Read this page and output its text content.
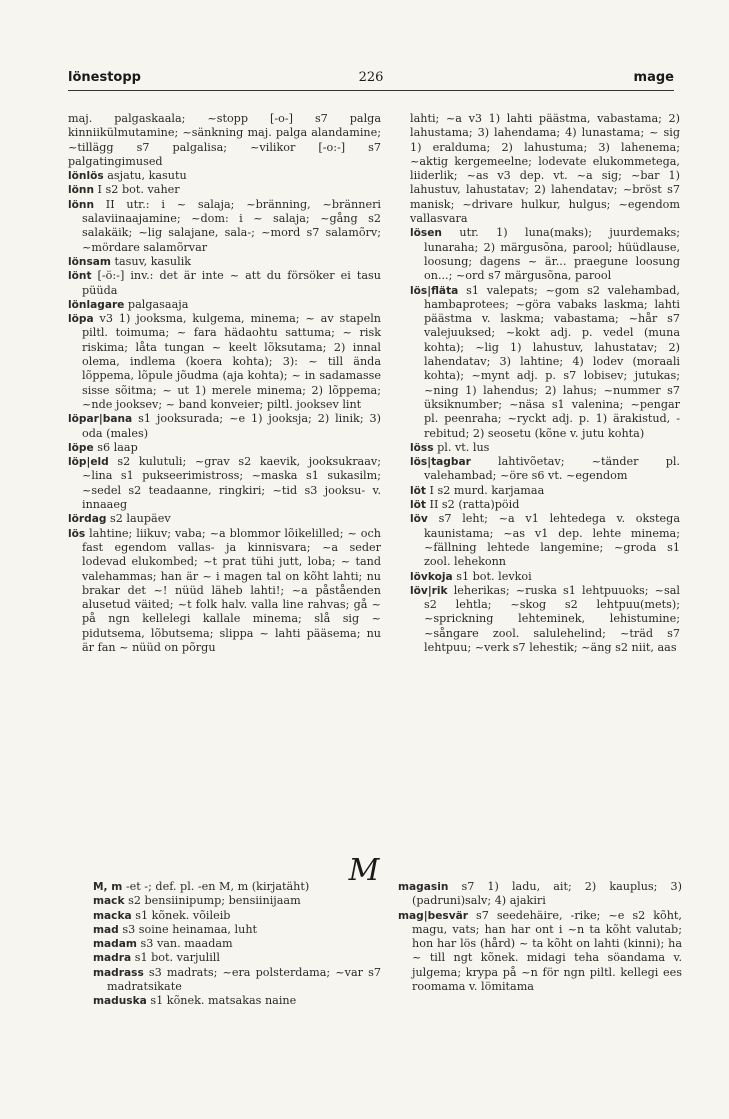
lönestopp	226	mage

maj. palgaskaala; ~stopp [-o-] s7 palga kinniikülmutamine; ~sänkning maj. palga alandamine; ~tillägg s7 palgalisa; ~vilikor [-o:-] s7 palgatingimused

lönlös asjatu, kasutu

lönn I s2 bot. vaher

lönn II utr.: i ~ salaja; ~bränning, ~bränneri salaviinaajamine; ~dom: i ~ salaja; ~gång s2 salakäik; ~lig salajane, sala-; ~mord s7 salamõrv; ~mördare salamõrvar

lönsam tasuv, kasulik

lönt [-ö:-] inv.: det är inte ~ att du försöker ei tasu püüda

lönlagare palgasaaja

löpa v3 1) jooksma, kulgema, minema; ~ av stapeln piltl. toimuma; ~ fara hädaohtu sattuma; ~ risk riskima; låta tungan ~ keelt lõksutama; 2) innal olema, indlema (koera kohta); 3): ~ till ända lõppema, lõpule jõudma (aja kohta); ~ in sadamasse sisse sõitma; ~ ut 1) merele minema; 2) lõppema; ~nde jooksev; ~ band konveier; piltl. jooksev lint

löpar|bana s1 jooksurada; ~e 1) jooksja; 2) linik; 3) oda (males)

löpe s6 laap

löp|eld s2 kulutuli; ~grav s2 kaevik, jooksukraav; ~lina s1 pukseerimistross; ~maska s1 sukasilm; ~sedel s2 teadaanne, ringkiri; ~tid s3 jooksu- v. innaaeg

lördag s2 laupäev

lös lahtine; liikuv; vaba; ~a blommor lõikelilled; ~ och fast egendom vallas- ja kinnisvara; ~a seder lodevad elukombed; ~t prat tühi jutt, loba; ~ tand valehammas; han är ~ i magen tal on kõht lahti; nu brakar det ~! nüüd läheb lahti!; ~a påståenden alusetud väited; ~t folk halv. valla line rahvas; gå ~ på ngn kellelegi kallale minema; slå sig ~ pidutsema, lõbutsema; slippa ~ lahti pääsema; nu är fan ~ nüüd on põrgu

lahti; ~a v3 1) lahti päästma, vabastama; 2) lahustama; 3) lahendama; 4) lunastama; ~ sig 1) eralduma; 2) lahustuma; 3) lahenema; ~aktig kergemeelne; lodevate elukommetega, liiderlik; ~as v3 dep. vt. ~a sig; ~bar 1) lahustuv, lahustatav; 2) lahendatav; ~bröst s7 manisk; ~drivare hulkur, hulgus; ~egendom vallasvara

lösen utr. 1) luna(maks); juurdemaks; lunaraha; 2) märgusõna, parool; hüüdlause, loosung; dagens ~ är... praegune loosung on...; ~ord s7 märgusõna, parool

lös|fläta s1 valepats; ~gom s2 valehambad, hambaprotees; ~göra vabaks laskma; lahti päästma v. laskma; vabastama; ~hår s7 valejuuksed; ~kokt adj. p. vedel (muna kohta); ~lig 1) lahustuv, lahustatav; 2) lahendatav; 3) lahtine; 4) lodev (moraali kohta); ~mynt adj. p. s7 lobisev; jutukas; ~ning 1) lahendus; 2) lahus; ~nummer s7 üksiknumber; ~näsa s1 valenina; ~pengar pl. peenraha; ~ryckt adj. p. 1) ärakistud, -rebitud; 2) seosetu (kõne v. jutu kohta)

löss pl. vt. lus

lös|tagbar lahtivõetav; ~tänder pl. valehambad; ~öre s6 vt. ~egendom

löt I s2 murd. karjamaa

löt II s2 (ratta)pöid

löv s7 leht; ~a v1 lehtedega v. okstega kaunistama; ~as v1 dep. lehte minema; ~fällning lehtede langemine; ~groda s1 zool. lehekonn

lövkoja s1 bot. levkoi

löv|rik leherikas; ~ruska s1 lehtpuuoks; ~sal s2 lehtla; ~skog s2 lehtpuu(mets); ~sprickning lehteminek, lehistumine; ~sångare zool. salulehelind; ~träd s7 lehtpuu; ~verk s7 lehestik; ~äng s2 niit, aas

M

M, m -et -; def. pl. -en M, m (kirjatäht)

mack s2 bensiinipump; bensiinijaam

macka s1 kõnek. võileib

mad s3 soine heinamaa, luht

madam s3 van. maadam

madra s1 bot. varjulill

madrass s3 madrats; ~era polsterdama; ~var s7 madratsikate

maduska s1 kõnek. matsakas naine

magasin s7 1) ladu, ait; 2) kauplus; 3) (padruni)salv; 4) ajakiri

mag|besvär s7 seedehäire, -rike; ~e s2 kõht, magu, vats; han har ont i ~n ta kõht valutab; hon har lös (hård) ~ ta kõht on lahti (kinni); ha ~ till ngt kõnek. midagi teha söandama v. julgema; krypa på ~n för ngn piltl. kellegi ees roomama v. lömitama
